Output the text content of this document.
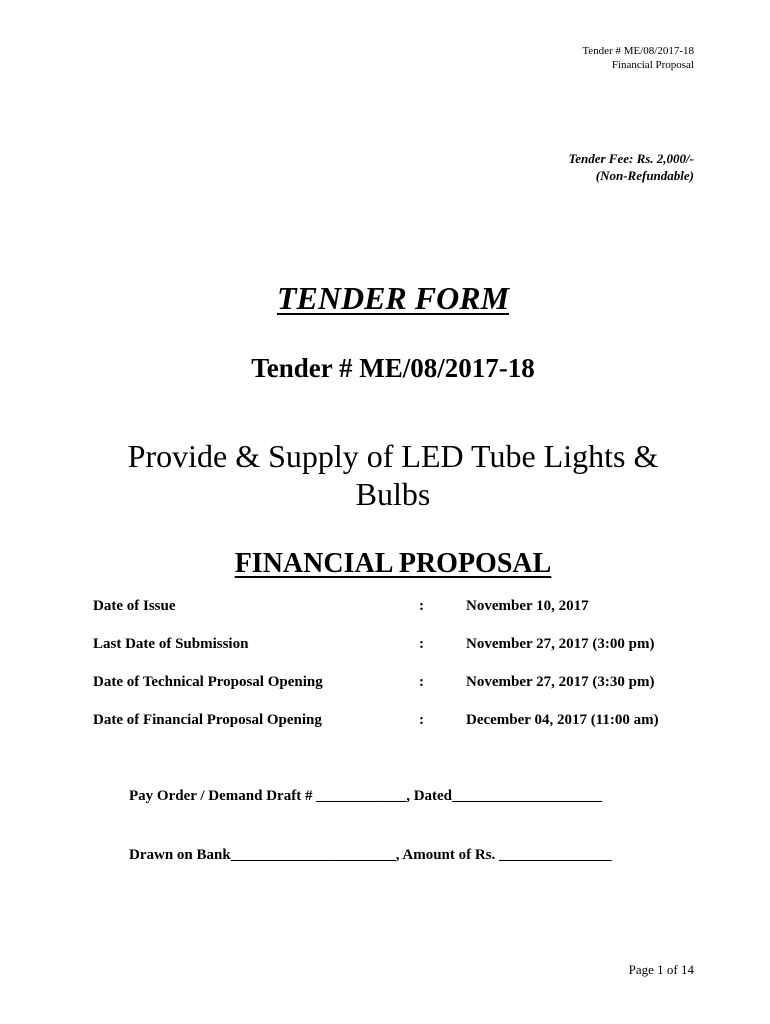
Tender # ME/08/2017-18
Financial Proposal
Tender Fee: Rs. 2,000/-
(Non-Refundable)
TENDER FORM
Tender # ME/08/2017-18
Provide & Supply of LED Tube Lights & Bulbs
FINANCIAL PROPOSAL
Date of Issue	:	November 10, 2017
Last Date of Submission	:	November 27, 2017 (3:00 pm)
Date of Technical Proposal Opening	:	November 27, 2017 (3:30 pm)
Date of Financial Proposal Opening	:	December 04, 2017 (11:00 am)
Pay Order / Demand Draft # ____________, Dated____________________
Drawn on Bank______________________, Amount of Rs. _______________
Page 1 of 14
